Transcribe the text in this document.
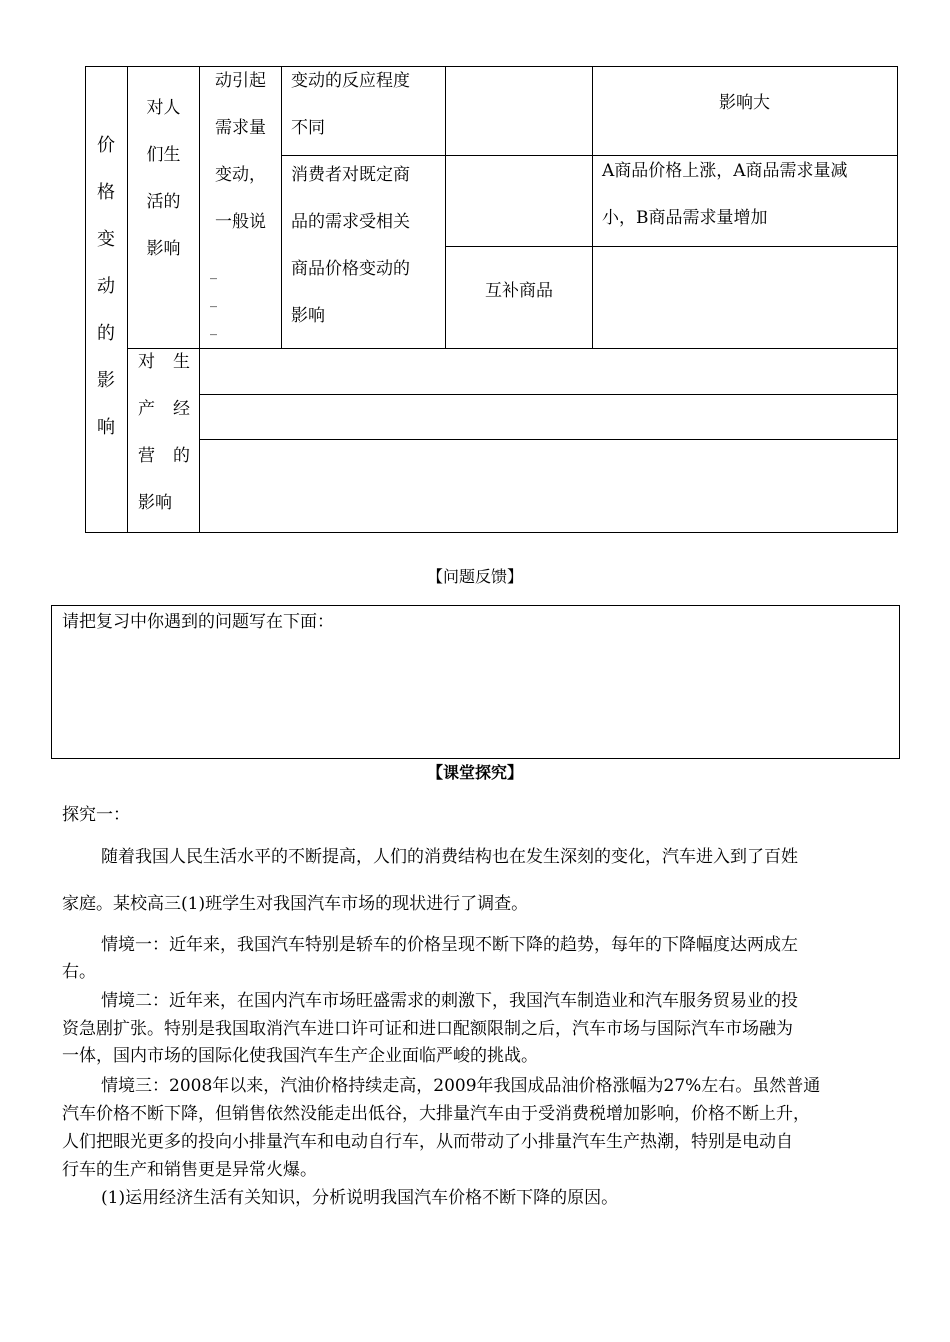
价
格
变
动
的
影
响
对人
们生
活的
影响
动引起
需求量
变动，
一般说
_
_
_
变动的反应程度
不同
消费者对既定商
品的需求受相关
商品价格变动的
影响
影响大
A商品价格上涨，A商品需求量减
小，B商品需求量增加
互补商品
对 生
产 经
营 的
影响
【问题反馈】
请把复习中你遇到的问题写在下面：
【课堂探究】
探究一：
随着我国人民生活水平的不断提高，人们的消费结构也在发生深刻的变化，汽车进入到了百姓
家庭。某校高三(1)班学生对我国汽车市场的现状进行了调查。
情境一：近年来，我国汽车特别是轿车的价格呈现不断下降的趋势，每年的下降幅度达两成左
右。
情境二：近年来，在国内汽车市场旺盛需求的刺激下，我国汽车制造业和汽车服务贸易业的投
资急剧扩张。特别是我国取消汽车进口许可证和进口配额限制之后，汽车市场与国际汽车市场融为
一体，国内市场的国际化使我国汽车生产企业面临严峻的挑战。
情境三：2008年以来，汽油价格持续走高，2009年我国成品油价格涨幅为27%左右。虽然普通
汽车价格不断下降，但销售依然没能走出低谷，大排量汽车由于受消费税增加影响，价格不断上升，
人们把眼光更多的投向小排量汽车和电动自行车，从而带动了小排量汽车生产热潮，特别是电动自
行车的生产和销售更是异常火爆。
(1)运用经济生活有关知识，分析说明我国汽车价格不断下降的原因。
